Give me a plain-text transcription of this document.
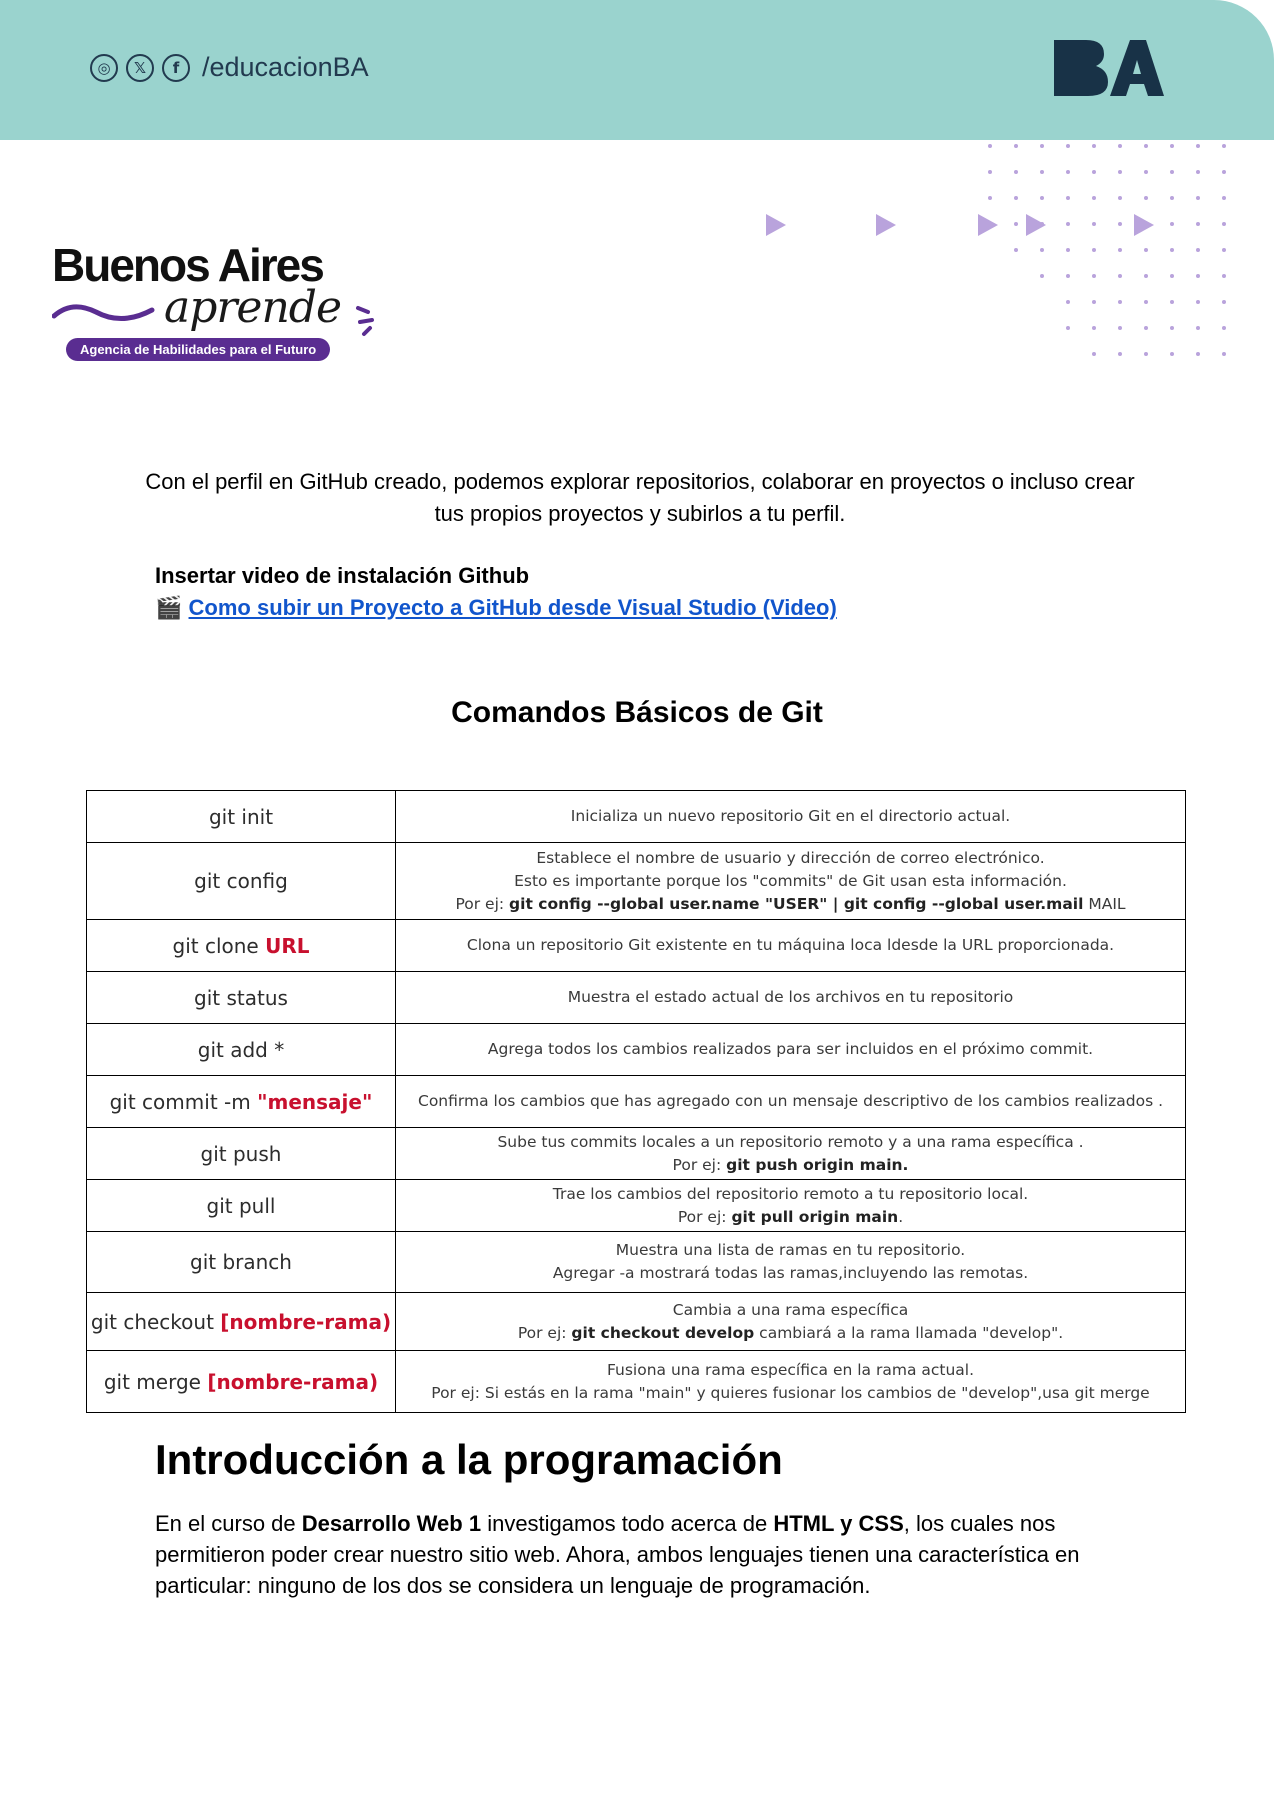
◎	𝕏	f /educacionBA
Buenos Aires
aprende
Agencia de Habilidades para el Futuro
Con el perfil en GitHub creado, podemos explorar repositorios, colaborar en proyectos o incluso crear tus propios proyectos y subirlos a tu perfil.
Insertar video de instalación Github
🎬 Como subir un Proyecto a GitHub desde Visual Studio (Video)
Comandos Básicos de Git
git init	Inicializa un nuevo repositorio Git en el directorio actual.
git config	Establece el nombre de usuario y dirección de correo electrónico.
Esto es importante porque los "commits" de Git usan esta información.
Por ej: git config --global user.name "USER" | git config --global user.mail MAIL

git clone URL	Clona un repositorio Git existente en tu máquina loca ldesde la URL proporcionada.
git status	Muestra el estado actual de los archivos en tu repositorio
git add *	Agrega todos los cambios realizados para ser incluidos en el próximo commit.
git commit -m "mensaje"	Confirma los cambios que has agregado con un mensaje descriptivo de los cambios realizados .
git push	Sube tus commits locales a un repositorio remoto y a una rama específica .
Por ej: git push origin main.

git pull	Trae los cambios del repositorio remoto a tu repositorio local.
Por ej: git pull origin main.

git branch	Muestra una lista de ramas en tu repositorio.
Agregar -a mostrará todas las ramas,incluyendo las remotas.

git checkout [nombre-rama)	Cambia a una rama específica
Por ej: git checkout develop cambiará a la rama llamada "develop".

git merge [nombre-rama)	Fusiona una rama específica en la rama actual.
Por ej: Si estás en la rama "main" y quieres fusionar los cambios de "develop",usa git merge
Introducción a la programación
En el curso de Desarrollo Web 1 investigamos todo acerca de HTML y CSS, los cuales nos permitieron poder crear nuestro sitio web. Ahora, ambos lenguajes tienen una característica en particular: ninguno de los dos se considera un lenguaje de programación.
